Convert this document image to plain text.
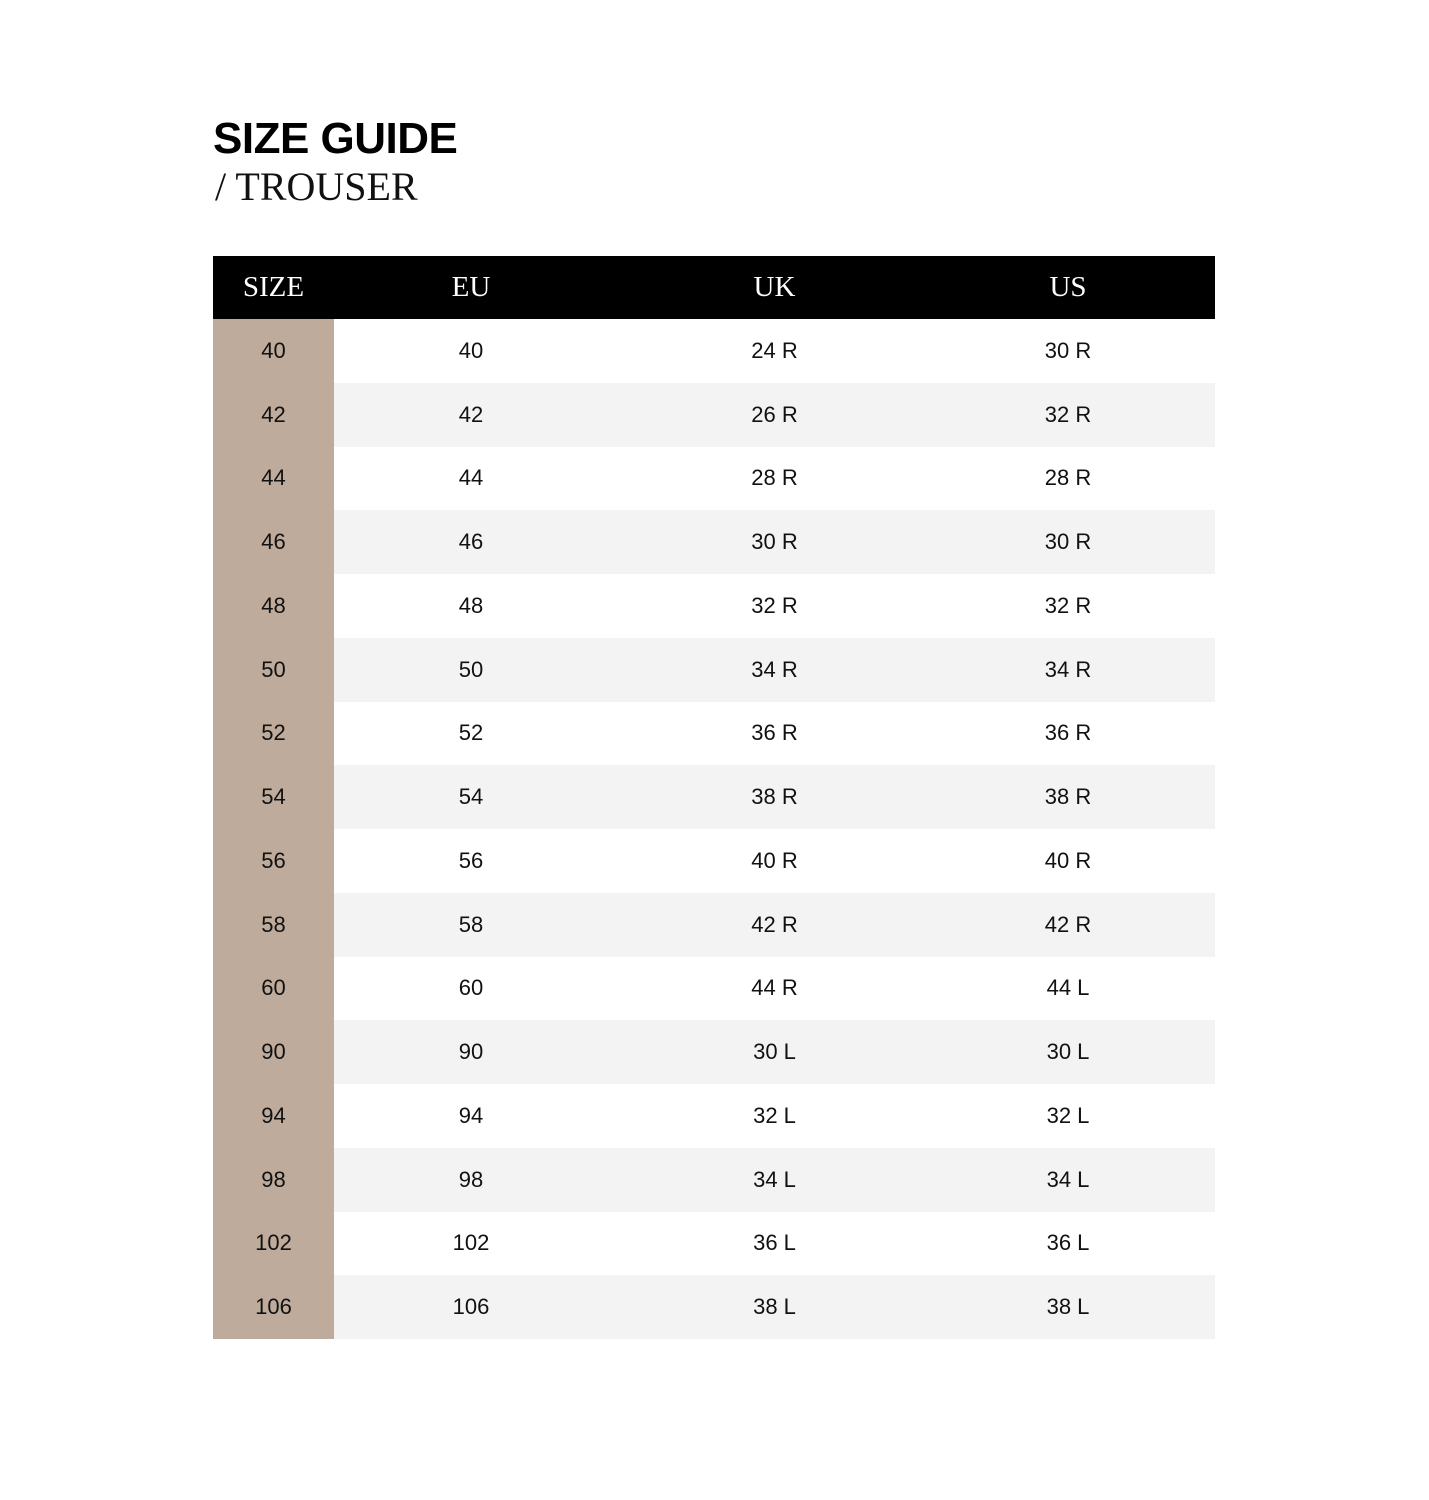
SIZE GUIDE
/ TROUSER
SIZE	EU	UK	US
40	40	24 R	30 R
42	42	26 R	32 R
44	44	28 R	28 R
46	46	30 R	30 R
48	48	32 R	32 R
50	50	34 R	34 R
52	52	36 R	36 R
54	54	38 R	38 R
56	56	40 R	40 R
58	58	42 R	42 R
60	60	44 R	44 L
90	90	30 L	30 L
94	94	32 L	32 L
98	98	34 L	34 L
102	102	36 L	36 L
106	106	38 L	38 L
